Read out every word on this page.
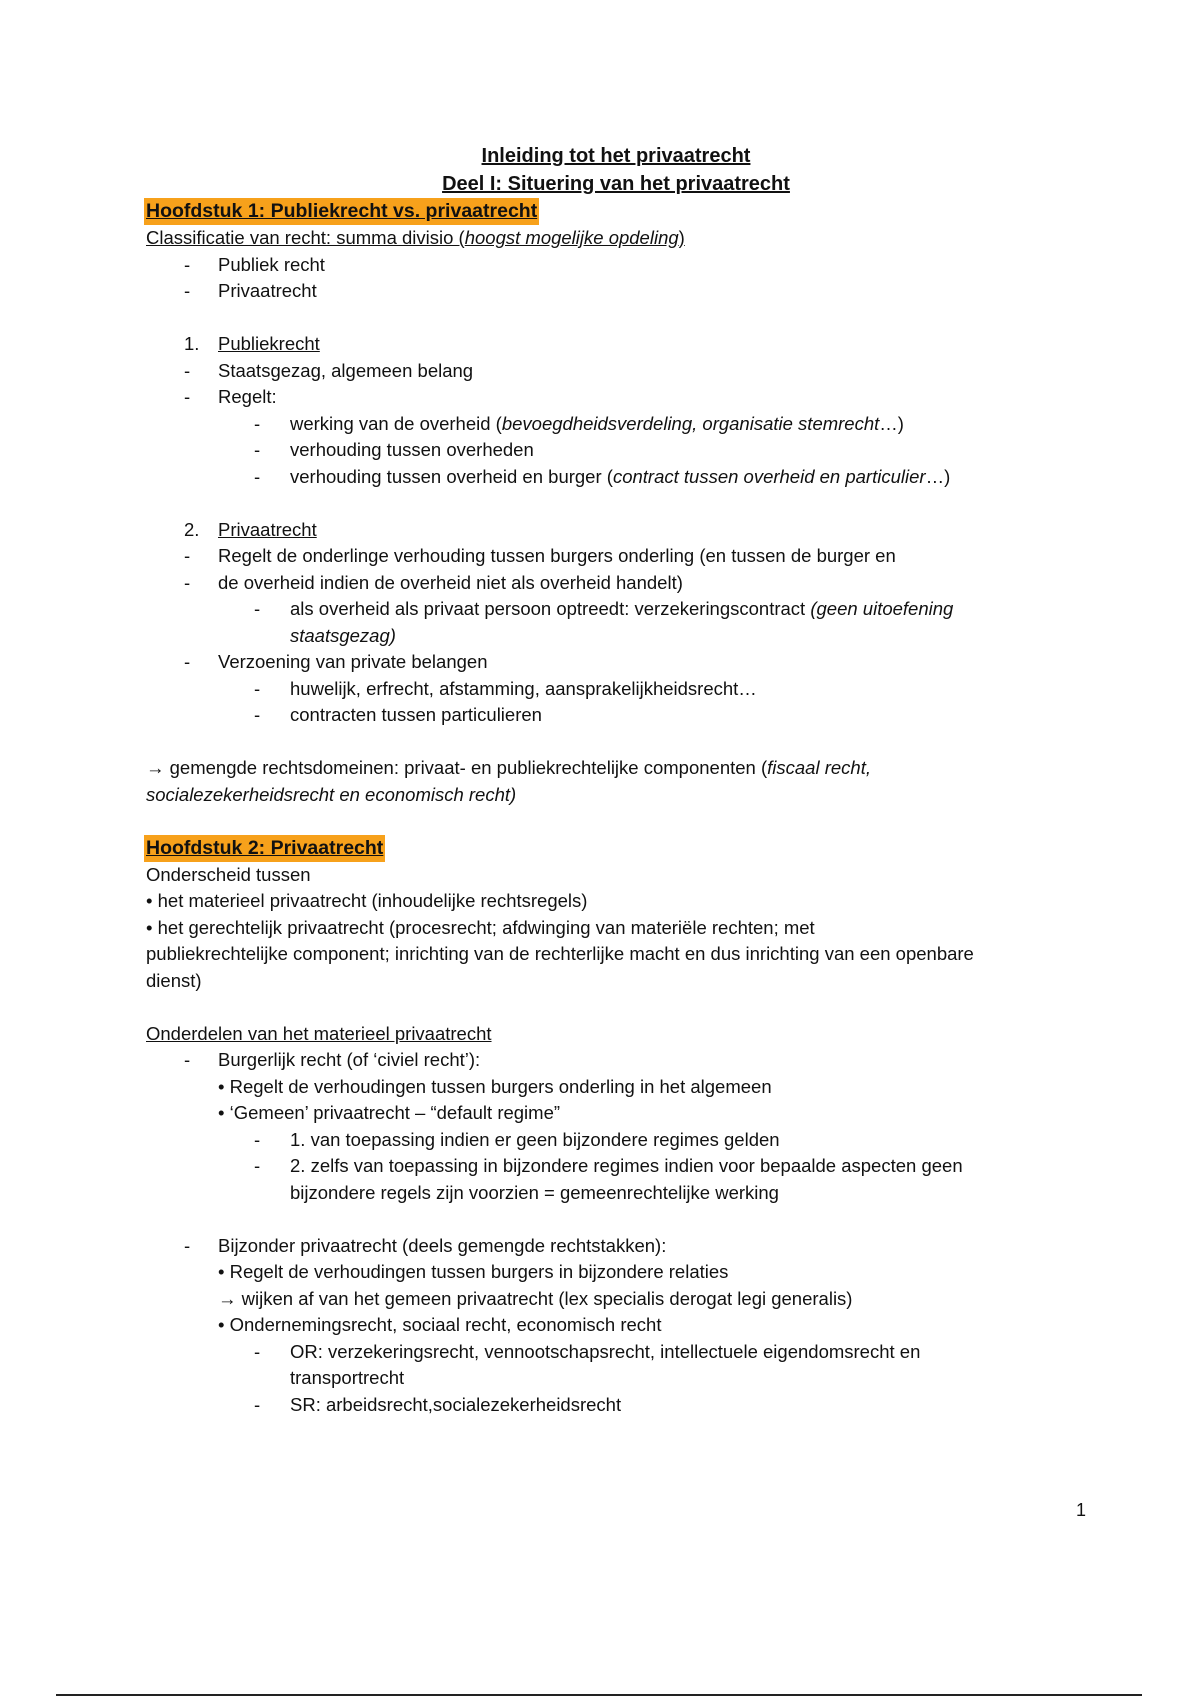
Inleiding tot het privaatrecht
Deel I: Situering van het privaatrecht
Hoofdstuk 1: Publiekrecht vs. privaatrecht
Classificatie van recht: summa divisio (hoogst mogelijke opdeling)
- Publiek recht
- Privaatrecht
1. Publiekrecht
- Staatsgezag, algemeen belang
- Regelt:
- werking van de overheid (bevoegdheidsverdeling, organisatie stemrecht…)
- verhouding tussen overheden
- verhouding tussen overheid en burger (contract tussen overheid en particulier…)
2. Privaatrecht
- Regelt de onderlinge verhouding tussen burgers onderling (en tussen de burger en
- de overheid indien de overheid niet als overheid handelt)
- als overheid als privaat persoon optreedt: verzekeringscontract (geen uitoefening
staatsgezag)
- Verzoening van private belangen
- huwelijk, erfrecht, afstamming, aansprakelijkheidsrecht…
- contracten tussen particulieren
→ gemengde rechtsdomeinen: privaat- en publiekrechtelijke componenten (fiscaal recht,
socialezekerheidsrecht en economisch recht)
Hoofdstuk 2: Privaatrecht
Onderscheid tussen
• het materieel privaatrecht (inhoudelijke rechtsregels)
• het gerechtelijk privaatrecht (procesrecht; afdwinging van materiële rechten; met
publiekrechtelijke component; inrichting van de rechterlijke macht en dus inrichting van een openbare
dienst)
Onderdelen van het materieel privaatrecht
- Burgerlijk recht (of ‘civiel recht’):
• Regelt de verhoudingen tussen burgers onderling in het algemeen
• ‘Gemeen’ privaatrecht – “default regime”
- 1. van toepassing indien er geen bijzondere regimes gelden
- 2. zelfs van toepassing in bijzondere regimes indien voor bepaalde aspecten geen
bijzondere regels zijn voorzien = gemeenrechtelijke werking
- Bijzonder privaatrecht (deels gemengde rechtstakken):
• Regelt de verhoudingen tussen burgers in bijzondere relaties
→ wijken af van het gemeen privaatrecht (lex specialis derogat legi generalis)
• Ondernemingsrecht, sociaal recht, economisch recht
- OR: verzekeringsrecht, vennootschapsrecht, intellectuele eigendomsrecht en
transportrecht
- SR: arbeidsrecht,socialezekerheidsrecht
1
